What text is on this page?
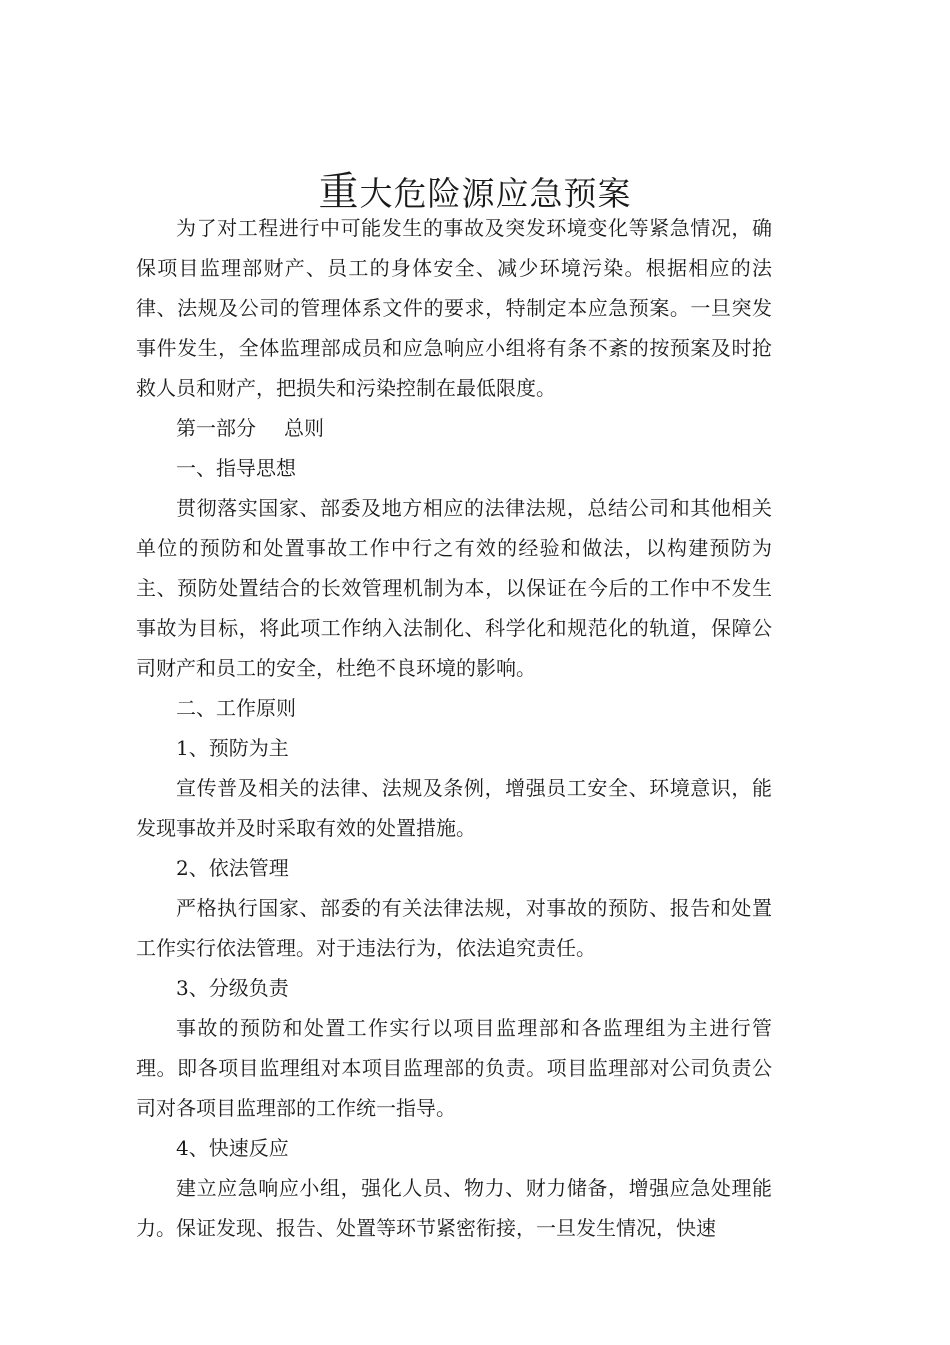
重大危险源应急预案

为了对工程进行中可能发生的事故及突发环境变化等紧急情况，确保项目监理部财产、员工的身体安全、减少环境污染。根据相应的法律、法规及公司的管理体系文件的要求，特制定本应急预案。一旦突发事件发生，全体监理部成员和应急响应小组将有条不紊的按预案及时抢救人员和财产，把损失和污染控制在最低限度。

第一部分 总则

一、指导思想

贯彻落实国家、部委及地方相应的法律法规，总结公司和其他相关单位的预防和处置事故工作中行之有效的经验和做法，以构建预防为主、预防处置结合的长效管理机制为本，以保证在今后的工作中不发生事故为目标，将此项工作纳入法制化、科学化和规范化的轨道，保障公司财产和员工的安全，杜绝不良环境的影响。

二、工作原则

1、预防为主

宣传普及相关的法律、法规及条例，增强员工安全、环境意识，能发现事故并及时采取有效的处置措施。

2、依法管理

严格执行国家、部委的有关法律法规，对事故的预防、报告和处置工作实行依法管理。对于违法行为，依法追究责任。

3、分级负责

事故的预防和处置工作实行以项目监理部和各监理组为主进行管理。即各项目监理组对本项目监理部的负责。项目监理部对公司负责公司对各项目监理部的工作统一指导。

4、快速反应

建立应急响应小组，强化人员、物力、财力储备，增强应急处理能力。保证发现、报告、处置等环节紧密衔接，一旦发生情况，快速
